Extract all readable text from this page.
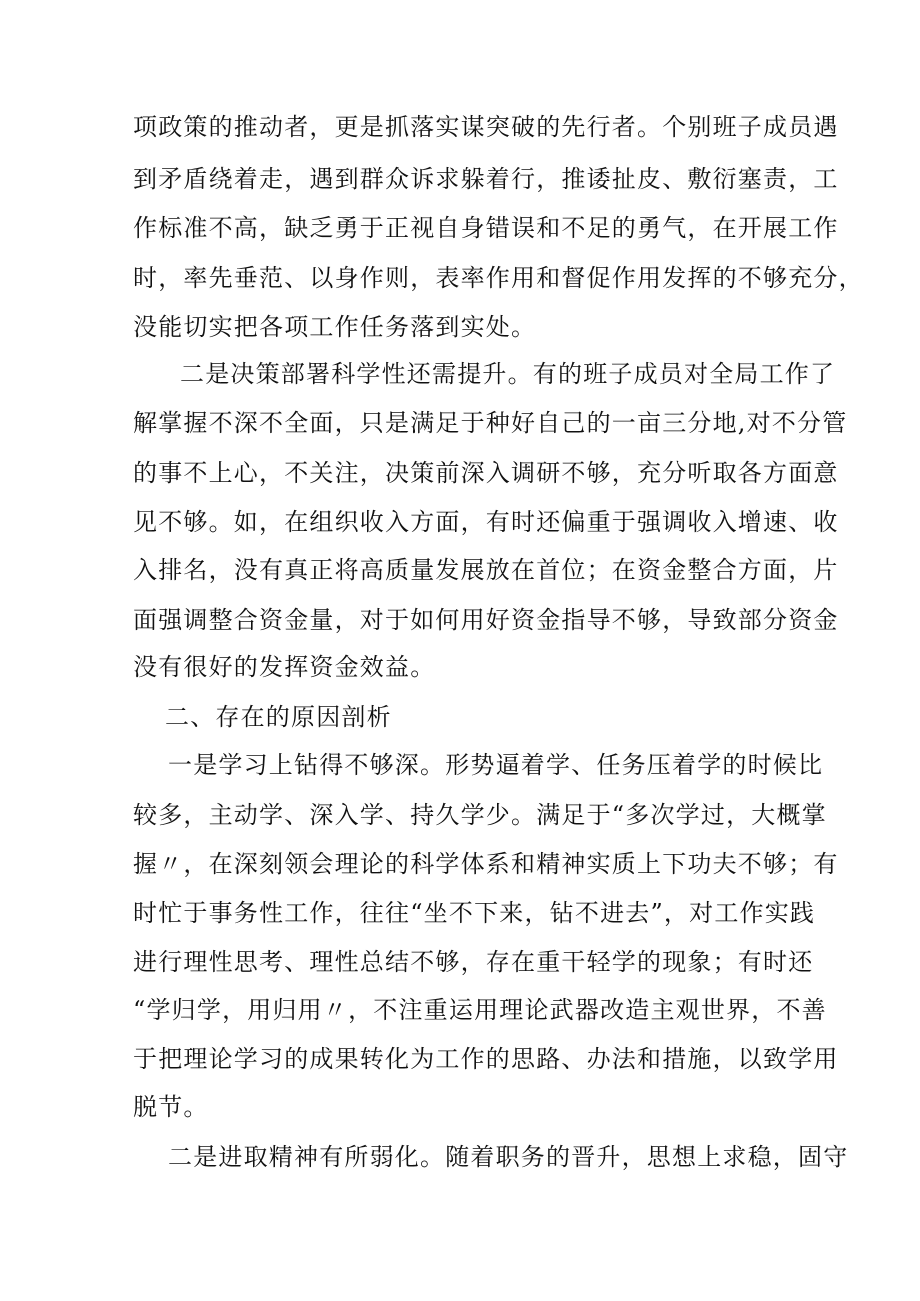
项政策的推动者，更是抓落实谋突破的先行者。个别班子成员遇
到矛盾绕着走，遇到群众诉求躲着行，推诿扯皮、敷衍塞责，工
作标准不高，缺乏勇于正视自身错误和不足的勇气，在开展工作
时，率先垂范、以身作则，表率作用和督促作用发挥的不够充分，
没能切实把各项工作任务落到实处。
二是决策部署科学性还需提升。有的班子成员对全局工作了
解掌握不深不全面，只是满足于种好自己的一亩三分地,对不分管
的事不上心，不关注，决策前深入调研不够，充分听取各方面意
见不够。如，在组织收入方面，有时还偏重于强调收入增速、收
入排名，没有真正将高质量发展放在首位；在资金整合方面，片
面强调整合资金量，对于如何用好资金指导不够，导致部分资金
没有很好的发挥资金效益。
二、存在的原因剖析
一是学习上钻得不够深。形势逼着学、任务压着学的时候比
较多，主动学、深入学、持久学少。满足于“多次学过，大概掌
握〃，在深刻领会理论的科学体系和精神实质上下功夫不够；有
时忙于事务性工作，往往“坐不下来，钻不进去”，对工作实践
进行理性思考、理性总结不够，存在重干轻学的现象；有时还
“学归学，用归用〃，不注重运用理论武器改造主观世界，不善
于把理论学习的成果转化为工作的思路、办法和措施，以致学用
脱节。
二是进取精神有所弱化。随着职务的晋升，思想上求稳，固守
